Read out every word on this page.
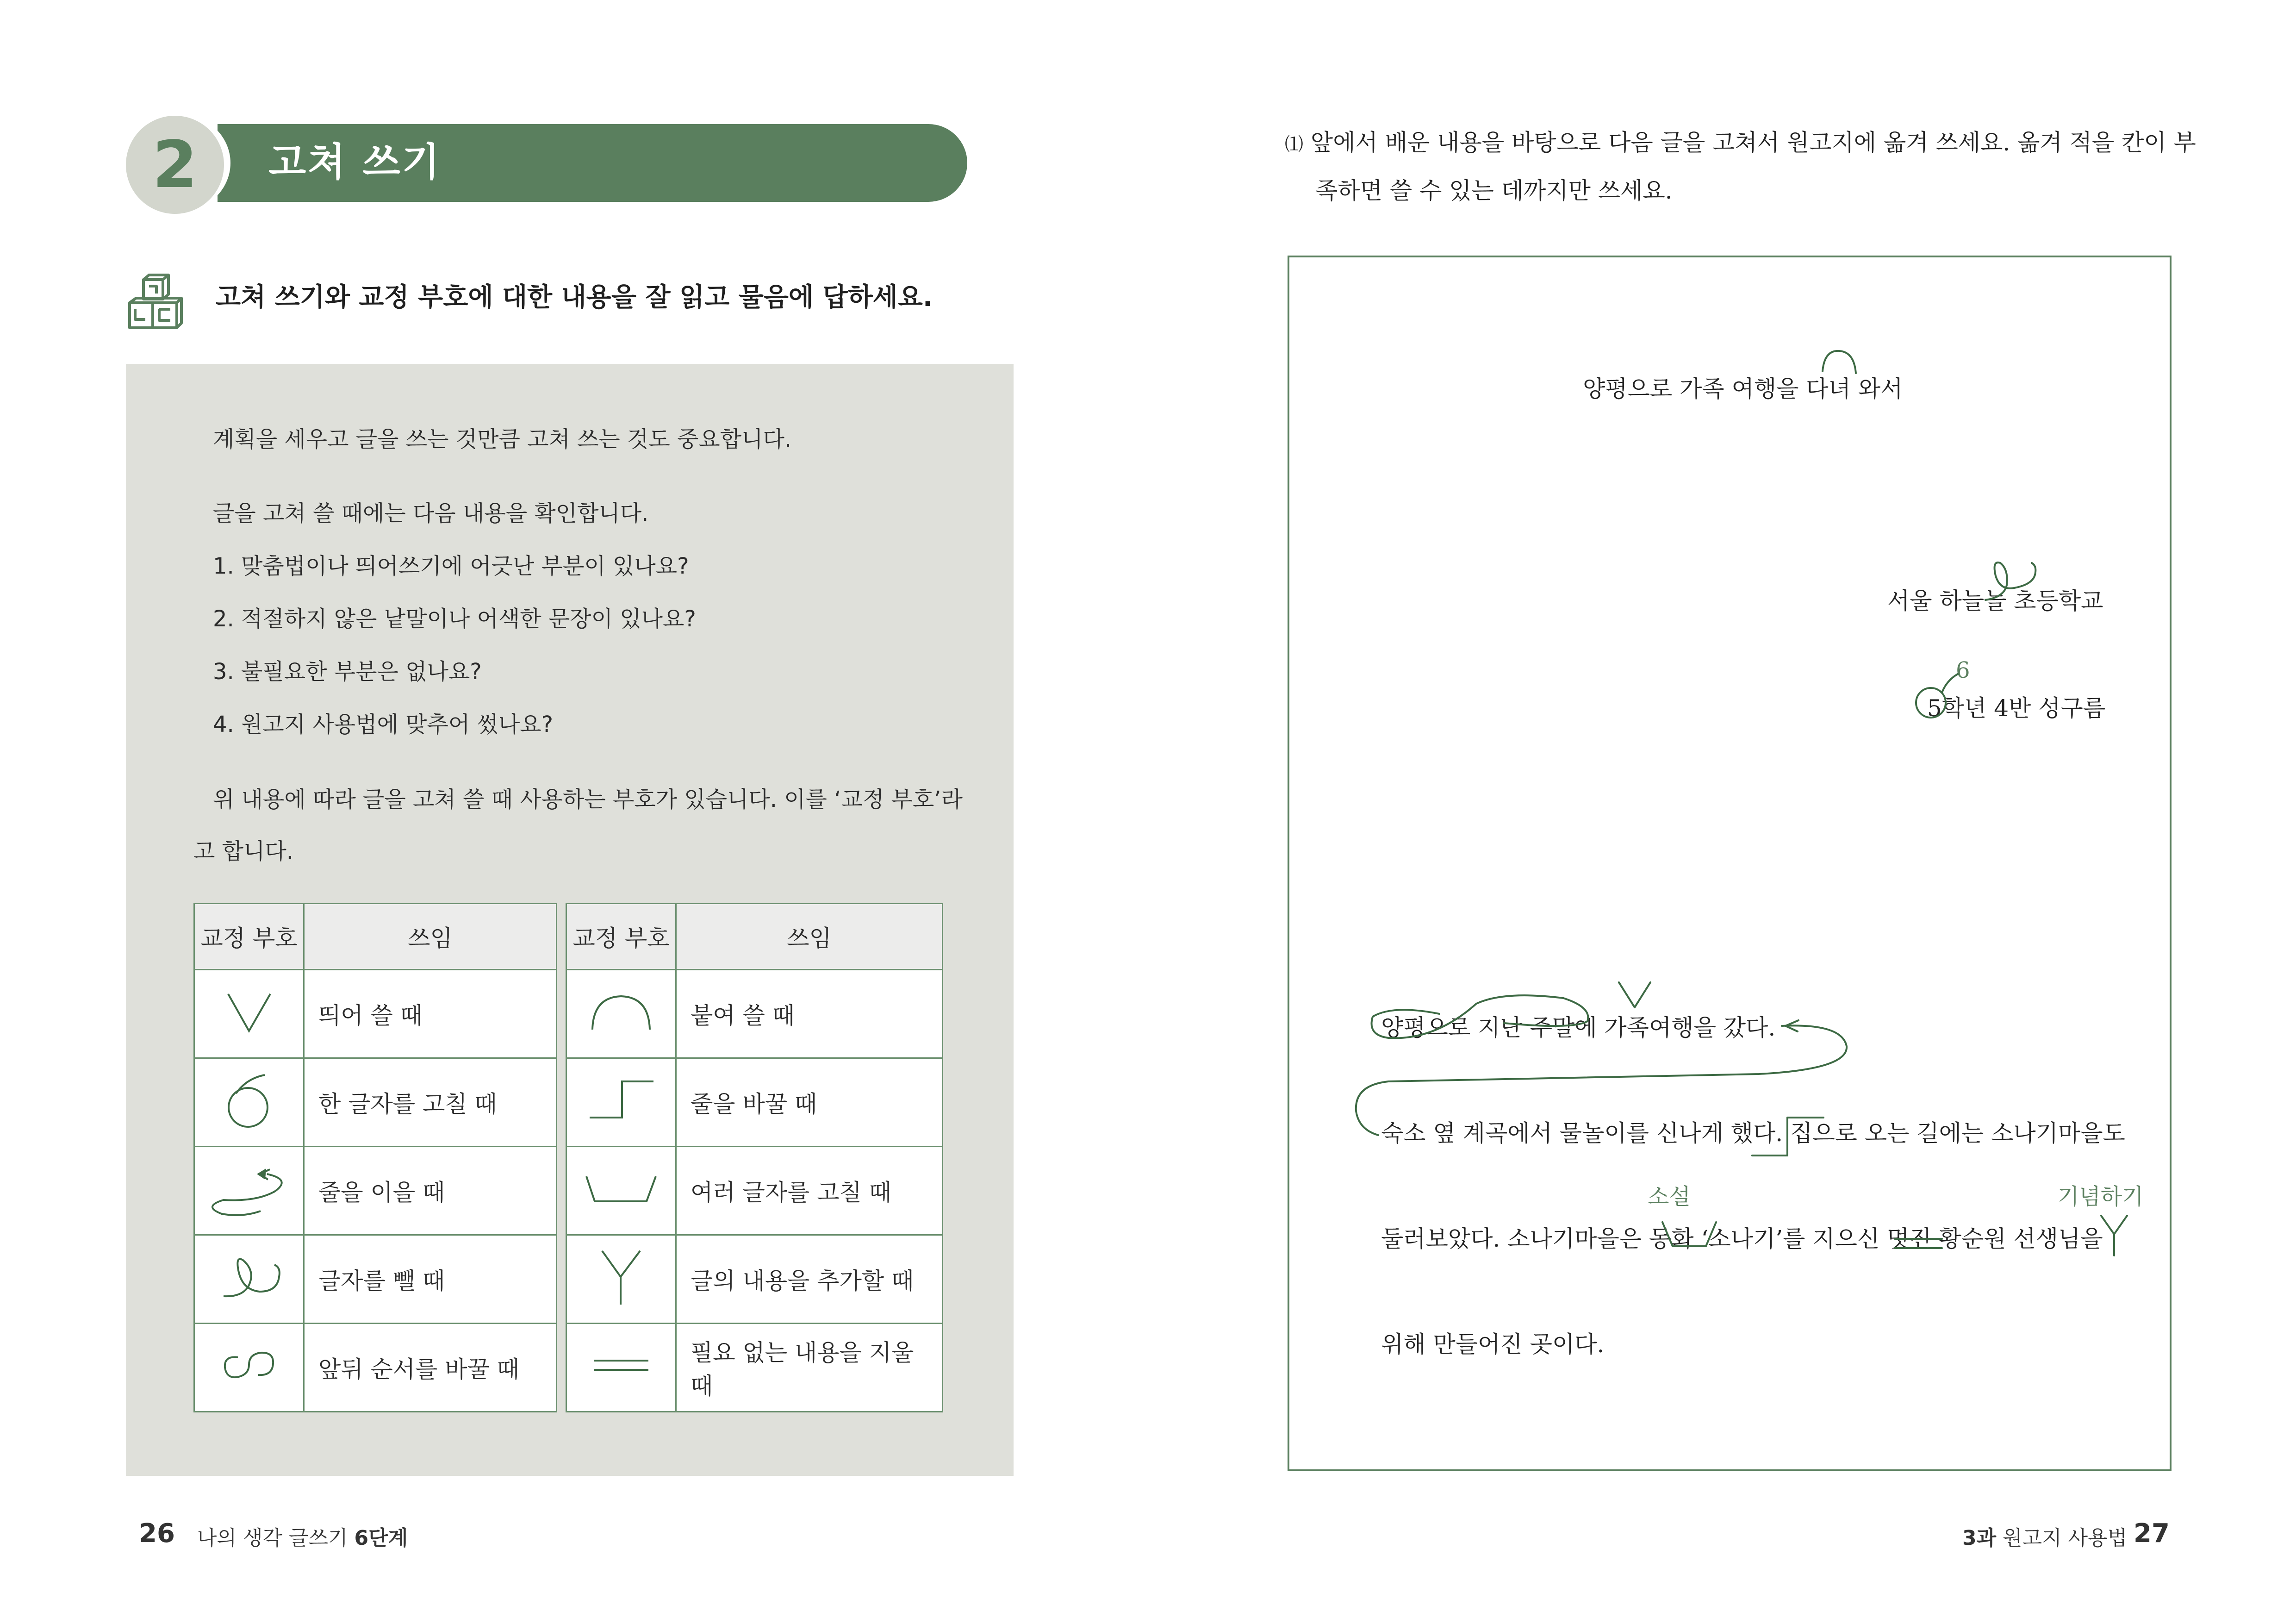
2	고쳐 쓰기
고쳐 쓰기와 교정 부호에 대한 내용을 잘 읽고 물음에 답하세요.
계획을 세우고 글을 쓰는 것만큼 고쳐 쓰는 것도 중요합니다.
글을 고쳐 쓸 때에는 다음 내용을 확인합니다.
1. 맞춤법이나 띄어쓰기에 어긋난 부분이 있나요?
2. 적절하지 않은 낱말이나 어색한 문장이 있나요?
3. 불필요한 부분은 없나요?
4. 원고지 사용법에 맞추어 썼나요?
위 내용에 따라 글을 고쳐 쓸 때 사용하는 부호가 있습니다. 이를 ‘교정 부호’라
고 합니다.
교정 부호	쓰임
	띄어 쓸 때
	한 글자를 고칠 때
	줄을 이을 때
	글자를 뺄 때
	앞뒤 순서를 바꿀 때
교정 부호	쓰임
	붙여 쓸 때
	줄을 바꿀 때
	여러 글자를 고칠 때
	글의 내용을 추가할 때
	필요 없는 내용을 지울 때
26 나의 생각 글쓰기 6단계
⑴ 앞에서 배운 내용을 바탕으로 다음 글을 고쳐서 원고지에 옮겨 쓰세요. 옮겨 적을 칸이 부
족하면 쓸 수 있는 데까지만 쓰세요.
양평으로 가족 여행을 다녀 와서
서울 하늘늘 초등학교
6
5학년 4반 성구름
양평으로 지난 주말에 가족여행을 갔다.
숙소 옆 계곡에서 물놀이를 신나게 했다. 집으로 오는 길에는 소나기마을도
소설	기념하기
둘러보았다. 소나기마을은 동화 ‘소나기’를 지으신 멋진 황순원 선생님을
위해 만들어진 곳이다.
3과 원고지 사용법 27
